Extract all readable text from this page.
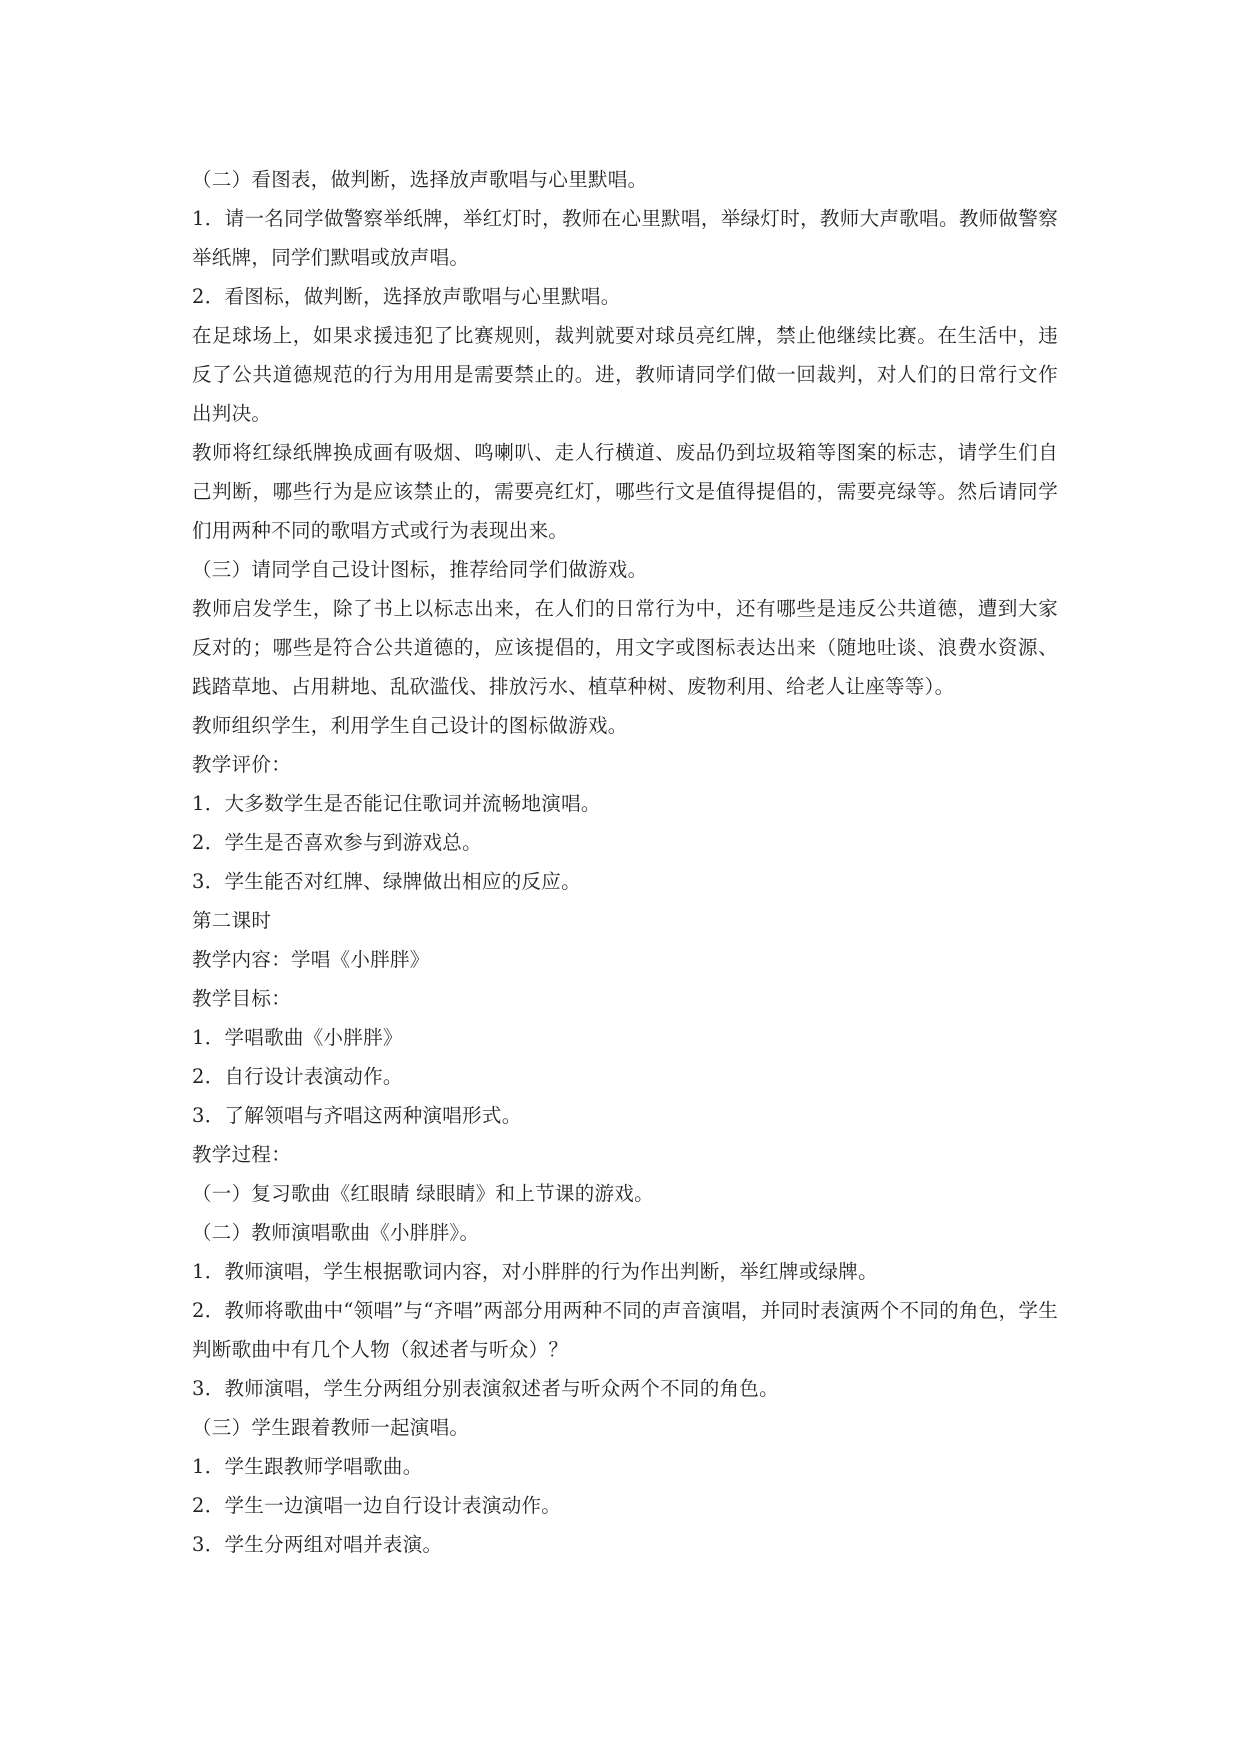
（二）看图表，做判断，选择放声歌唱与心里默唱。

1．请一名同学做警察举纸牌，举红灯时，教师在心里默唱，举绿灯时，教师大声歌唱。教师做警察举纸牌，同学们默唱或放声唱。

2．看图标，做判断，选择放声歌唱与心里默唱。

在足球场上，如果求援违犯了比赛规则，裁判就要对球员亮红牌，禁止他继续比赛。在生活中，违反了公共道德规范的行为用用是需要禁止的。进，教师请同学们做一回裁判，对人们的日常行文作出判决。

教师将红绿纸牌换成画有吸烟、鸣喇叭、走人行横道、废品仍到垃圾箱等图案的标志，请学生们自己判断，哪些行为是应该禁止的，需要亮红灯，哪些行文是值得提倡的，需要亮绿等。然后请同学们用两种不同的歌唱方式或行为表现出来。

（三）请同学自己设计图标，推荐给同学们做游戏。

教师启发学生，除了书上以标志出来，在人们的日常行为中，还有哪些是违反公共道德，遭到大家反对的；哪些是符合公共道德的，应该提倡的，用文字或图标表达出来（随地吐谈、浪费水资源、践踏草地、占用耕地、乱砍滥伐、排放污水、植草种树、废物利用、给老人让座等等）。

教师组织学生，利用学生自己设计的图标做游戏。

教学评价：

1．大多数学生是否能记住歌词并流畅地演唱。

2．学生是否喜欢参与到游戏总。

3．学生能否对红牌、绿牌做出相应的反应。

第二课时

教学内容：学唱《小胖胖》

教学目标：

1．学唱歌曲《小胖胖》

2．自行设计表演动作。

3．了解领唱与齐唱这两种演唱形式。

教学过程：

（一）复习歌曲《红眼睛 绿眼睛》和上节课的游戏。

（二）教师演唱歌曲《小胖胖》。

1．教师演唱，学生根据歌词内容，对小胖胖的行为作出判断，举红牌或绿牌。

2．教师将歌曲中“领唱”与“齐唱”两部分用两种不同的声音演唱，并同时表演两个不同的角色，学生判断歌曲中有几个人物（叙述者与听众）？

3．教师演唱，学生分两组分别表演叙述者与听众两个不同的角色。

（三）学生跟着教师一起演唱。

1．学生跟教师学唱歌曲。

2．学生一边演唱一边自行设计表演动作。

3．学生分两组对唱并表演。
